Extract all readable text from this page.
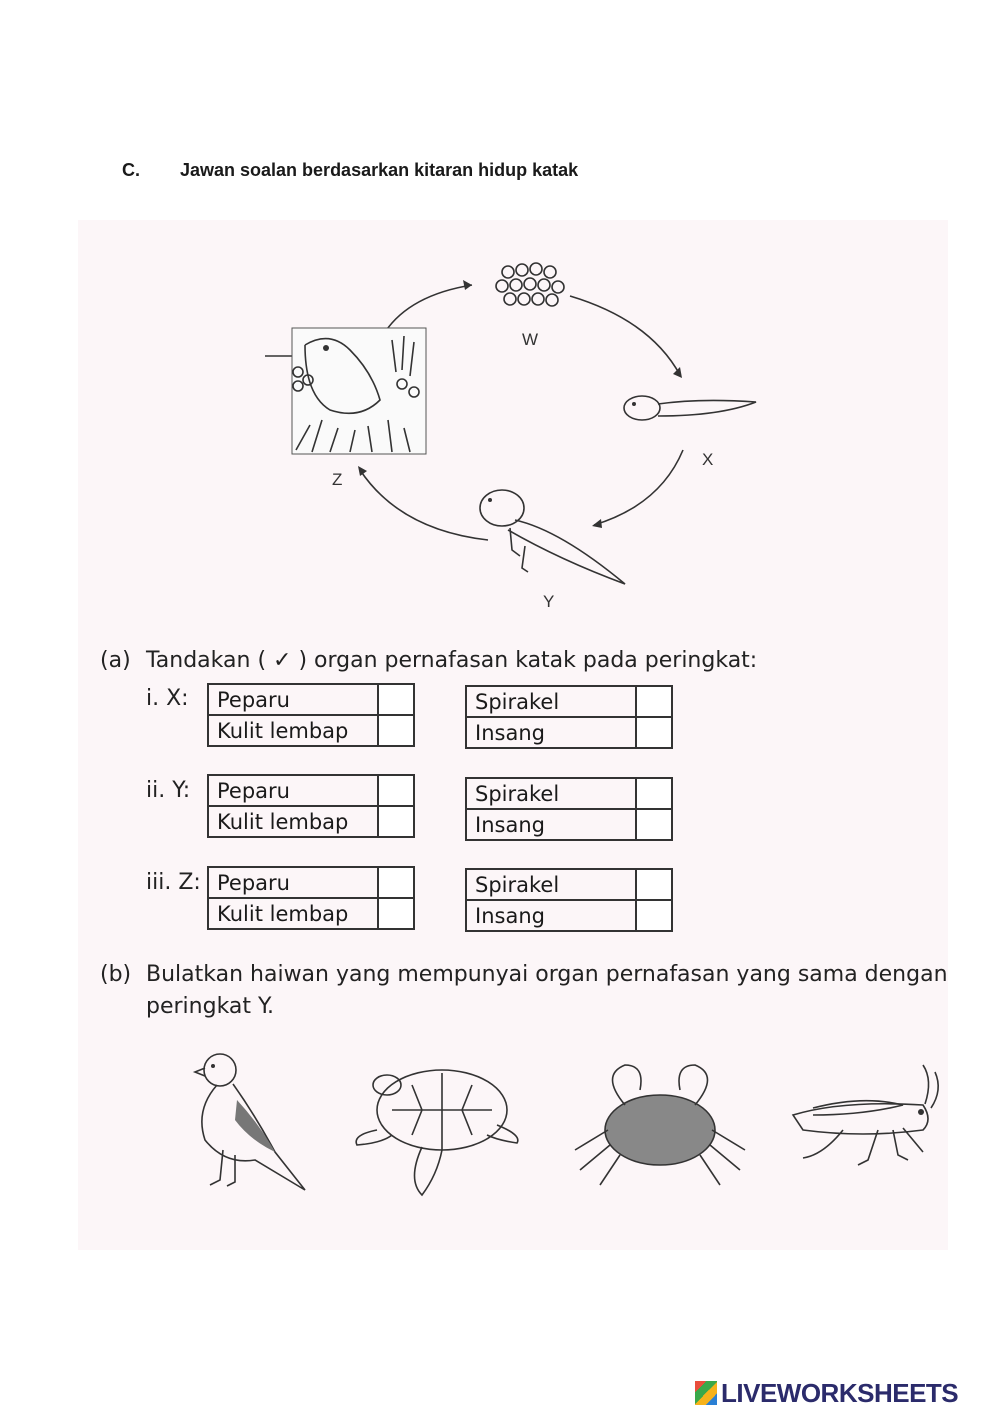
C. Jawan soalan berdasarkan kitaran hidup katak
W
X
Y
Z
(a) Tandakan ( ✓ ) organ pernafasan katak pada peringkat:
i. X: Peparu	
Kulit lembap	
Spirakel	
Insang	
ii. Y: Peparu	
Kulit lembap	
Spirakel	
Insang	
iii. Z: Peparu	
Kulit lembap	
Spirakel	
Insang	
(b) Bulatkan haiwan yang mempunyai organ pernafasan yang sama dengan
peringkat Y.
LIVEWORKSHEETS
